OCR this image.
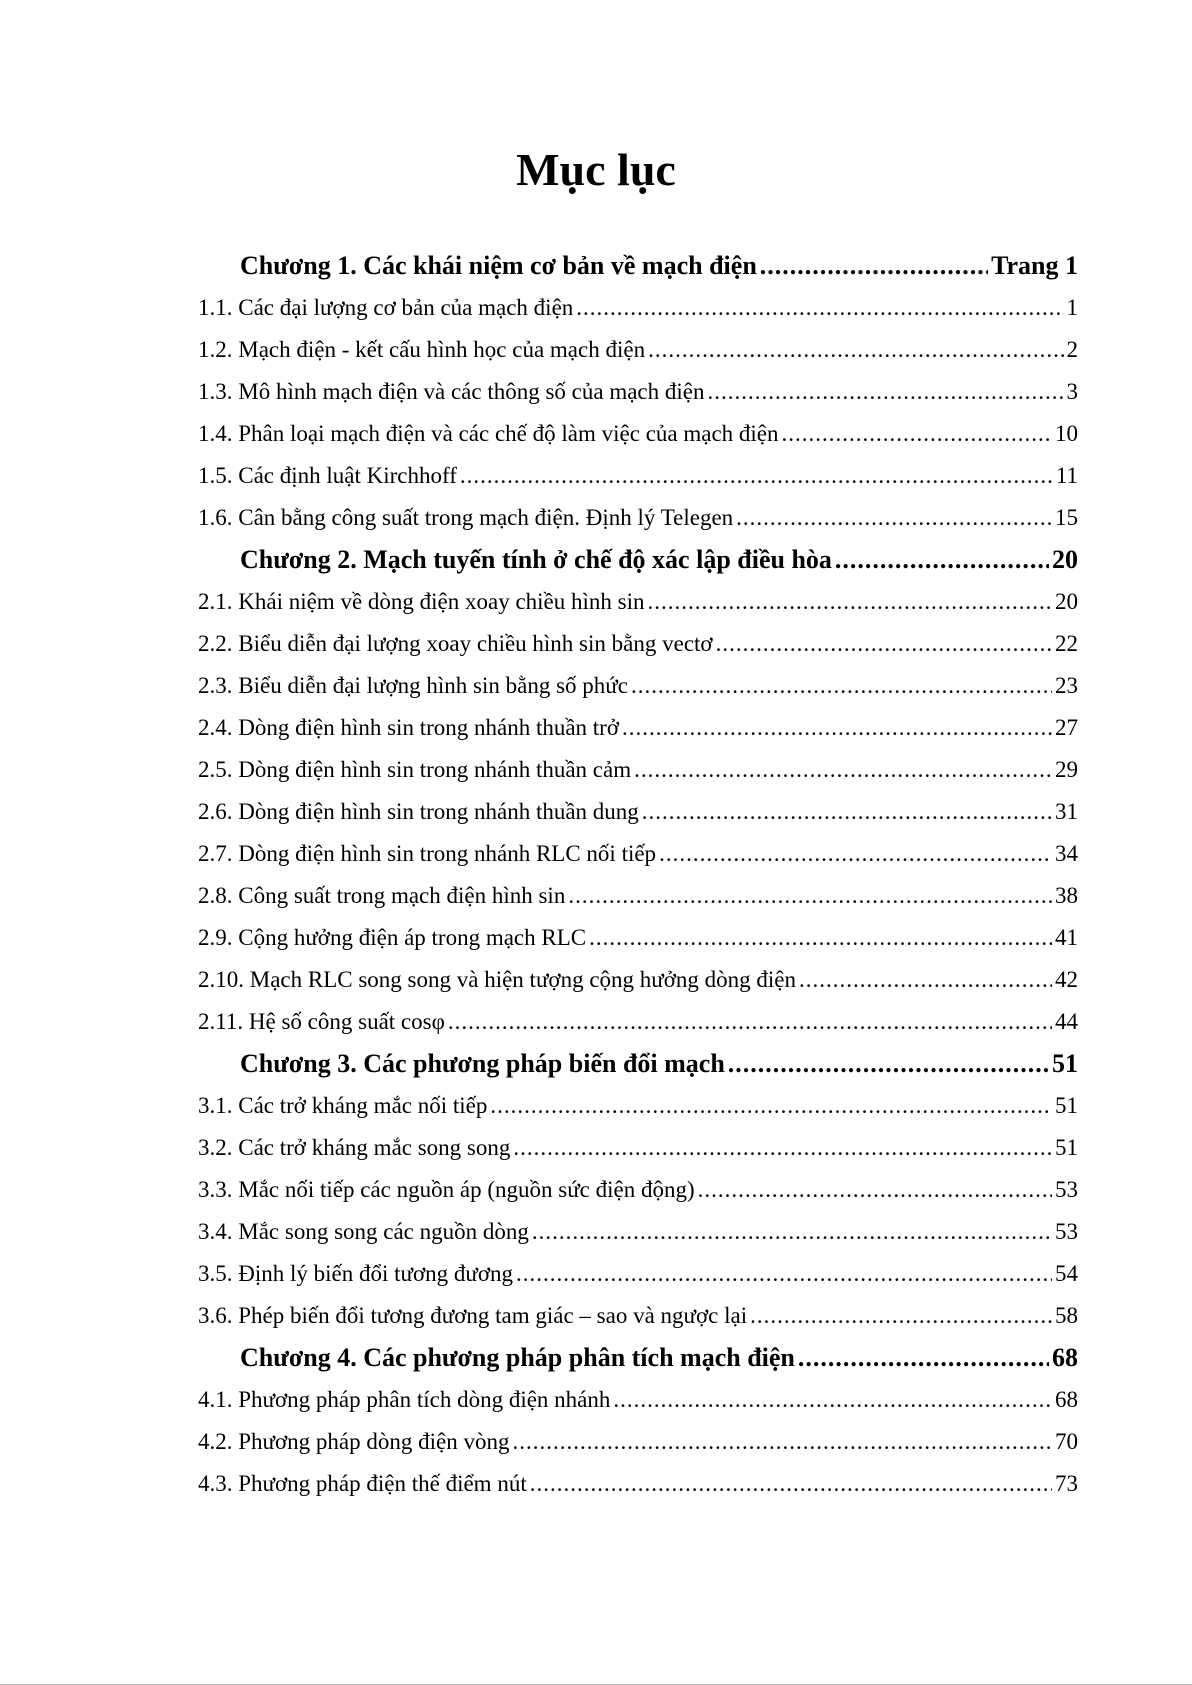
Mục lục
Chương 1. Các khái niệm cơ bản về mạch điện .....	Trang 1
1.1. Các đại lượng cơ bản của mạch điện .....	1
1.2. Mạch điện - kết cấu hình học của mạch điện .....	2
1.3. Mô hình mạch điện và các thông số của mạch điện .....	3
1.4. Phân loại mạch điện và các chế độ làm việc của mạch điện .....	10
1.5. Các định luật Kirchhoff .....	11
1.6. Cân bằng công suất trong mạch điện. Định lý Telegen .....	15
Chương 2. Mạch tuyến tính ở chế độ xác lập điều hòa .....	20
2.1. Khái niệm về dòng điện xoay chiều hình sin .....	20
2.2. Biểu diễn đại lượng xoay chiều hình sin bằng vectơ .....	22
2.3. Biểu diễn đại lượng hình sin bằng số phức .....	23
2.4. Dòng điện hình sin trong nhánh thuần trở .....	27
2.5. Dòng điện hình sin trong nhánh thuần cảm .....	29
2.6. Dòng điện hình sin trong nhánh thuần dung .....	31
2.7. Dòng điện hình sin trong nhánh RLC nối tiếp .....	34
2.8. Công suất trong mạch điện hình sin .....	38
2.9. Cộng hưởng điện áp trong mạch RLC .....	41
2.10. Mạch RLC song song và hiện tượng cộng hưởng dòng điện .....	42
2.11. Hệ số công suất cosφ .....	44
Chương 3. Các phương pháp biến đổi mạch .....	51
3.1. Các trở kháng mắc nối tiếp .....	51
3.2. Các trở kháng mắc song song .....	51
3.3. Mắc nối tiếp các nguồn áp (nguồn sức điện động) .....	53
3.4. Mắc song song các nguồn dòng .....	53
3.5. Định lý biến đổi tương đương .....	54
3.6. Phép biến đổi tương đương tam giác – sao và ngược lại .....	58
Chương 4. Các phương pháp phân tích mạch điện .....	68
4.1. Phương pháp phân tích dòng điện nhánh .....	68
4.2. Phương pháp dòng điện vòng .....	70
4.3. Phương pháp điện thế điểm nút .....	73
